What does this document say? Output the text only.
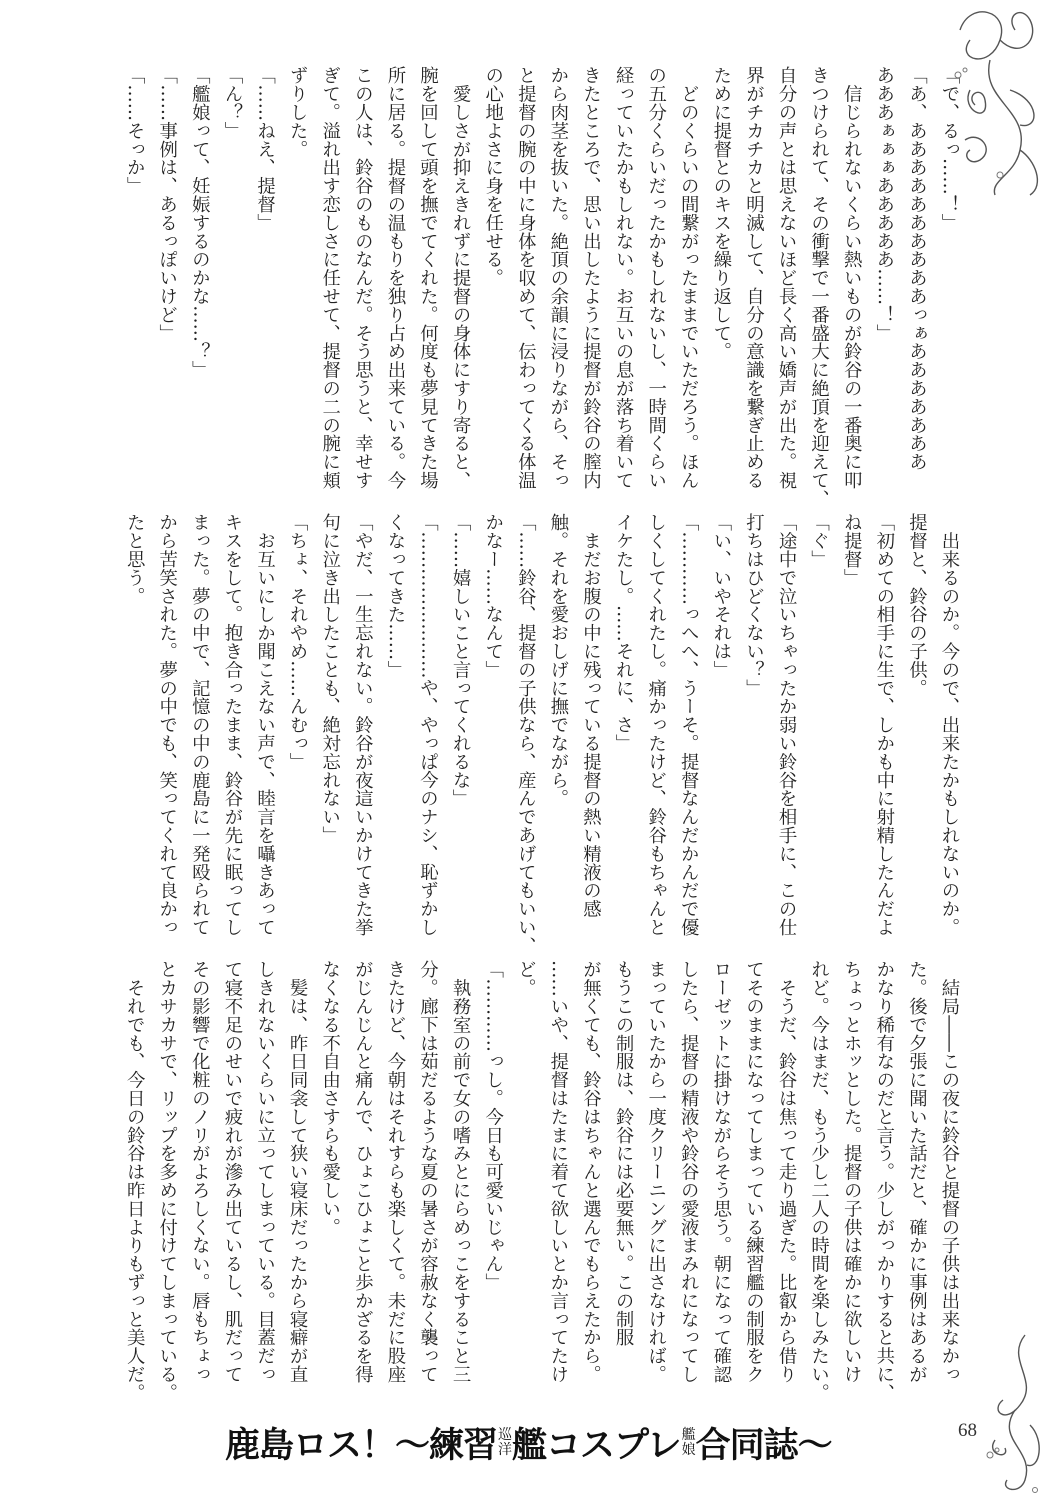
「で、るっ……！」
「あ、ああああああああああっぁあああああああ
あああぁぁぁあああああ……！」
　信じられないくらい熱いものが鈴谷の一番奥に叩
きつけられて、その衝撃で一番盛大に絶頂を迎えて、
自分の声とは思えないほど長く高い嬌声が出た。視
界がチカチカと明滅して、自分の意識を繋ぎ止める
ために提督とのキスを繰り返して。
　どのくらいの間繋がったままでいただろう。ほん
の五分くらいだったかもしれないし、一時間くらい
経っていたかもしれない。お互いの息が落ち着いて
きたところで、思い出したように提督が鈴谷の膣内
から肉茎を抜いた。絶頂の余韻に浸りながら、そっ
と提督の腕の中に身体を収めて、伝わってくる体温
の心地よさに身を任せる。
　愛しさが抑えきれずに提督の身体にすり寄ると、
腕を回して頭を撫でてくれた。何度も夢見てきた場
所に居る。提督の温もりを独り占め出来ている。今
この人は、鈴谷のものなんだ。そう思うと、幸せす
ぎて。溢れ出す恋しさに任せて、提督の二の腕に頬
ずりした。
「……ねえ、提督」
「ん？」
「艦娘って、妊娠するのかな……？」
「……事例は、あるっぽいけど」
「……そっか」
　出来るのか。今ので、出来たかもしれないのか。
提督と、鈴谷の子供。
「初めての相手に生で、しかも中に射精したんだよ
ね提督」
「ぐ」
「途中で泣いちゃったか弱い鈴谷を相手に、この仕
打ちはひどくない？」
「い、いやそれは」
「…………っへへ、うーそ。提督なんだかんだで優
しくしてくれたし。痛かったけど、鈴谷もちゃんと
イケたし。……それに、さ」
　まだお腹の中に残っている提督の熱い精液の感
触。それを愛おしげに撫でながら。
「……鈴谷、提督の子供なら、産んであげてもいい、
かなー……なんて」
「……嬉しいこと言ってくれるな」
「……………………や、やっぱ今のナシ、恥ずかし
くなってきた……」
「やだ、一生忘れない。鈴谷が夜這いかけてきた挙
句に泣き出したことも、絶対忘れない」
「ちょ、それやめ……んむっ」
　お互いにしか聞こえない声で、睦言を囁きあって
キスをして。抱き合ったまま、鈴谷が先に眠ってし
まった。夢の中で、記憶の中の鹿島に一発殴られて
から苦笑された。夢の中でも、笑ってくれて良かっ
たと思う。
　結局――この夜に鈴谷と提督の子供は出来なかっ
た。後で夕張に聞いた話だと、確かに事例はあるが
かなり稀有なのだと言う。少しがっかりすると共に、
ちょっとホッとした。提督の子供は確かに欲しいけ
れど。今はまだ、もう少し二人の時間を楽しみたい。
　そうだ、鈴谷は焦って走り過ぎた。比叡から借り
てそのままになってしまっている練習艦の制服をク
ローゼットに掛けながらそう思う。朝になって確認
したら、提督の精液や鈴谷の愛液まみれになってし
まっていたから一度クリーニングに出さなければ。
もうこの制服は、鈴谷には必要無い。この制服
が無くても、鈴谷はちゃんと選んでもらえたから。
……いや、提督はたまに着て欲しいとか言ってたけ
ど。
「…………っし。今日も可愛いじゃん」
　執務室の前で女の嗜みとにらめっこをすること三
分。廊下は茹だるような夏の暑さが容赦なく襲って
きたけど、今朝はそれすらも楽しくて。未だに股座
がじんじんと痛んで、ひょこひょこと歩かざるを得
なくなる不自由さすらも愛しい。
　髪は、昨日同衾して狭い寝床だったから寝癖が直
しきれないくらいに立ってしまっている。目蓋だっ
て寝不足のせいで疲れが滲み出ているし、肌だって
その影響で化粧のノリがよろしくない。唇もちょっ
とカサカサで、リップを多めに付けてしまっている。
　それでも、今日の鈴谷は昨日よりもずっと美人だ。
鹿島ロス！～練習 巡
洋 艦コスプレ 艦
娘 合同誌～	68
